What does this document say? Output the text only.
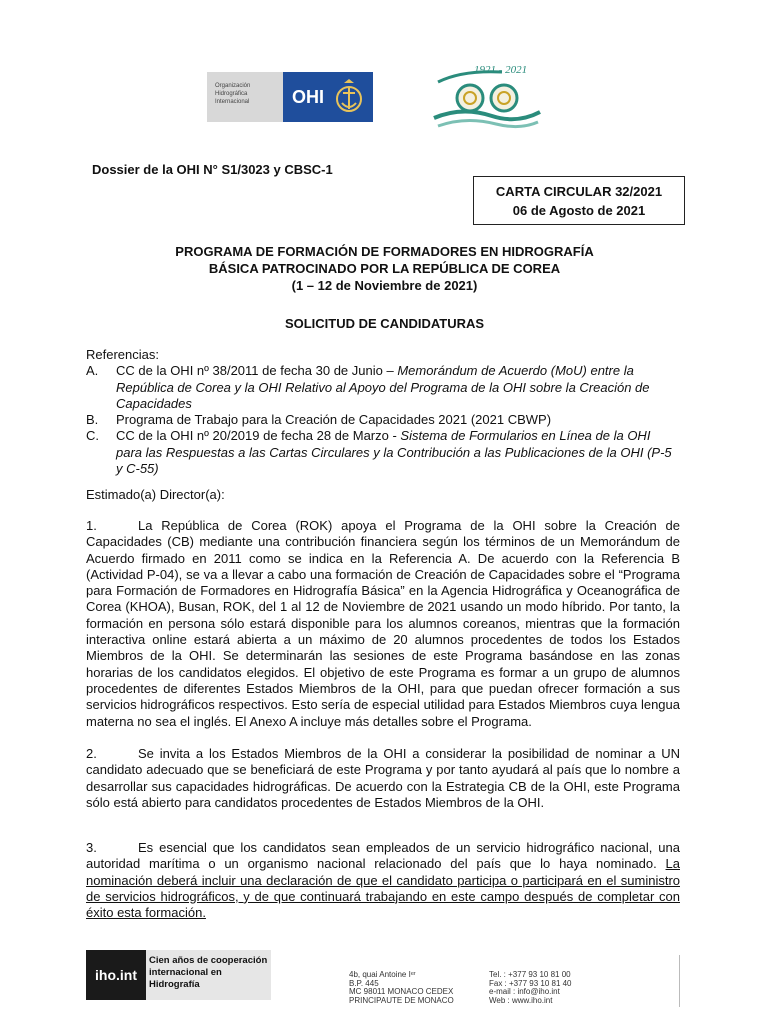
Organización
Hidrográfica
Internacional	OHI
1921 - 2021
Dossier de la OHI N° S1/3023 y CBSC-1
CARTA CIRCULAR 32/2021
06 de Agosto de 2021
PROGRAMA DE FORMACIÓN DE FORMADORES EN HIDROGRAFÍA
BÁSICA PATROCINADO POR LA REPÚBLICA DE COREA
(1 – 12 de Noviembre de 2021)
SOLICITUD DE CANDIDATURAS
Referencias:
A.	CC de la OHI nº 38/2011 de fecha 30 de Junio – Memorándum de Acuerdo (MoU) entre la República de Corea y la OHI Relativo al Apoyo del Programa de la OHI sobre la Creación de Capacidades
B.	Programa de Trabajo para la Creación de Capacidades 2021 (2021 CBWP)
C.	CC de la OHI nº 20/2019 de fecha 28 de Marzo - Sistema de Formularios en Línea de la OHI para las Respuestas a las Cartas Circulares y la Contribución a las Publicaciones de la OHI (P-5 y C-55)
Estimado(a) Director(a):
1.	La República de Corea (ROK) apoya el Programa de la OHI sobre la Creación de Capacidades (CB) mediante una contribución financiera según los términos de un Memorándum de Acuerdo firmado en 2011 como se indica en la Referencia A. De acuerdo con la Referencia B (Actividad P-04), se va a llevar a cabo una formación de Creación de Capacidades sobre el “Programa para Formación de Formadores en Hidrografía Básica” en la Agencia Hidrográfica y Oceanográfica de Corea (KHOA), Busan, ROK, del 1 al 12 de Noviembre de 2021 usando un modo híbrido. Por tanto, la formación en persona sólo estará disponible para los alumnos coreanos, mientras que la formación interactiva online estará abierta a un máximo de 20 alumnos procedentes de todos los Estados Miembros de la OHI. Se determinarán las sesiones de este Programa basándose en las zonas horarias de los candidatos elegidos. El objetivo de este Programa es formar a un grupo de alumnos procedentes de diferentes Estados Miembros de la OHI, para que puedan ofrecer formación a sus servicios hidrográficos respectivos. Esto sería de especial utilidad para Estados Miembros cuya lengua materna no sea el inglés. El Anexo A incluye más detalles sobre el Programa.
2.	Se invita a los Estados Miembros de la OHI a considerar la posibilidad de nominar a UN candidato adecuado que se beneficiará de este Programa y por tanto ayudará al país que lo nombre a desarrollar sus capacidades hidrográficas. De acuerdo con la Estrategia CB de la OHI, este Programa sólo está abierto para candidatos procedentes de Estados Miembros de la OHI.
3.	Es esencial que los candidatos sean empleados de un servicio hidrográfico nacional, una autoridad marítima o un organismo nacional relacionado del país que lo haya nominado. La nominación deberá incluir una declaración de que el candidato participa o participará en el suministro de servicios hidrográficos, y de que continuará trabajando en este campo después de completar con éxito esta formación.
iho.int
Cien años de cooperación
internacional en
Hidrografía
4b, quai Antoine Iᵉʳ
B.P. 445
MC 98011 MONACO CEDEX
PRINCIPAUTE DE MONACO
Tel. : +377 93 10 81 00
Fax : +377 93 10 81 40
e-mail : info@iho.int
Web : www.iho.int
